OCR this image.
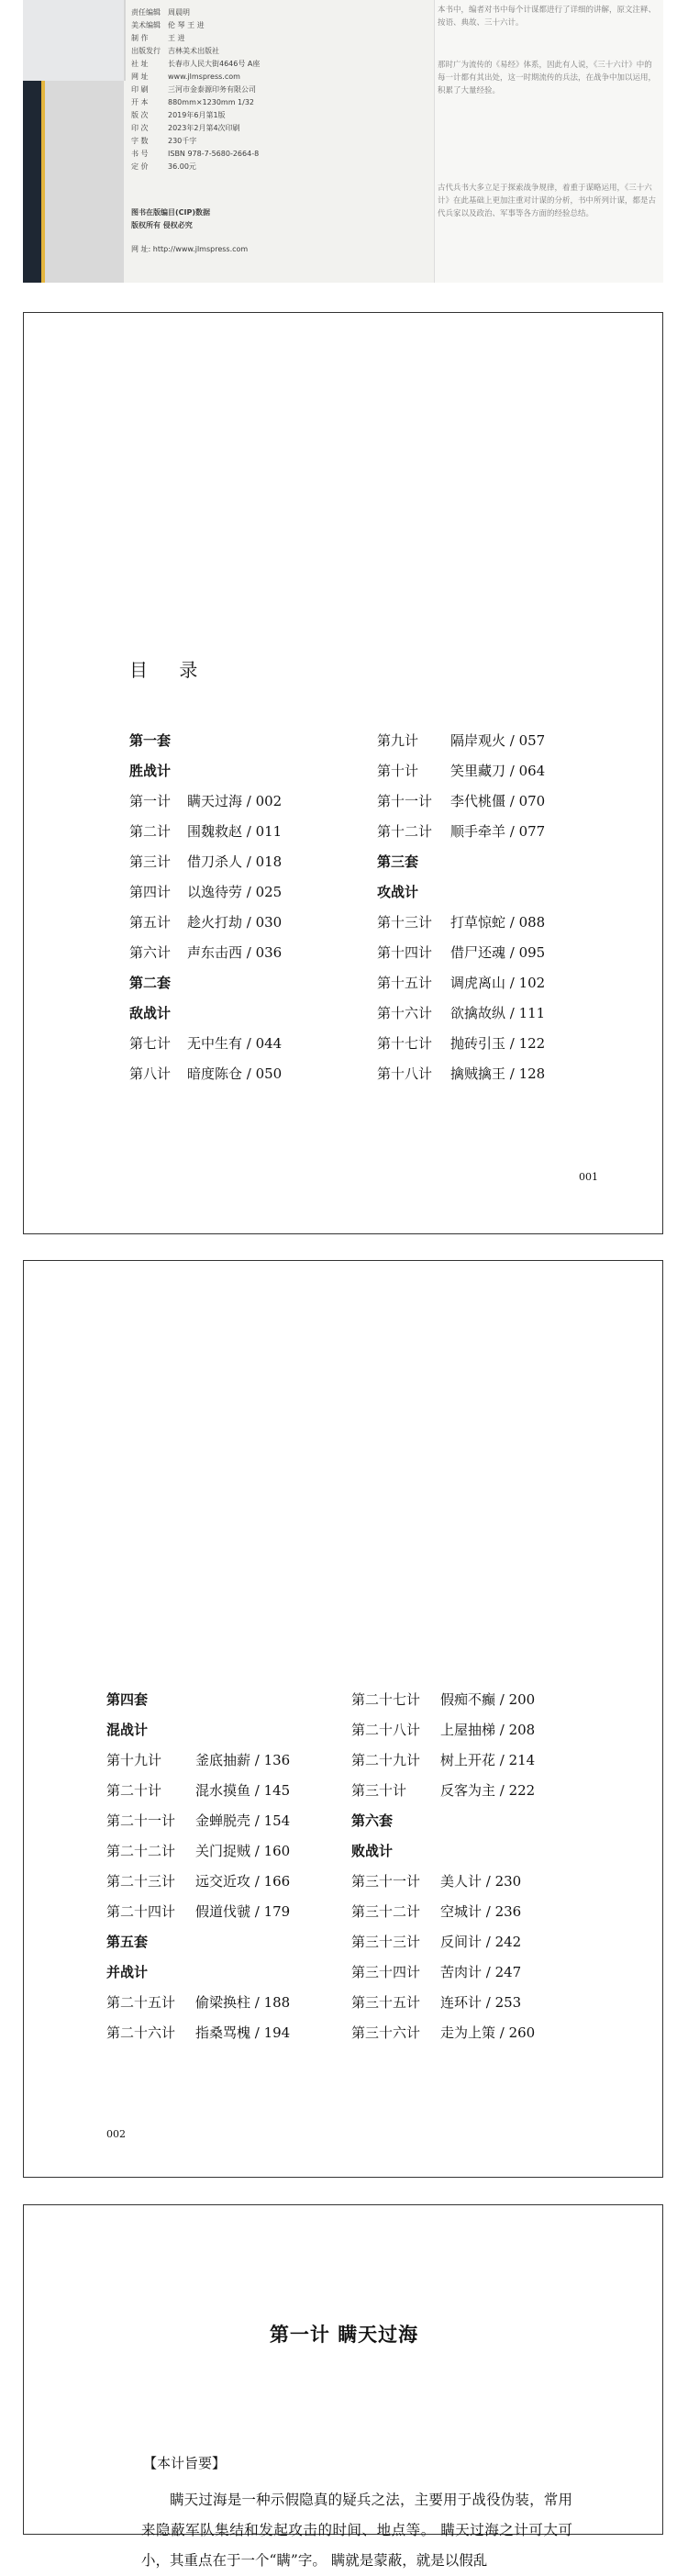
责任编辑 周晨明
美术编辑 伦 琴 王 进
制 作	王 进
出版发行 吉林美术出版社
社 址	长春市人民大街4646号 A座
网 址	www.jlmspress.com
印 刷	三河市金泰源印务有限公司
开 本	880mm×1230mm 1/32
版 次	2019年6月第1版
印 次	2023年2月第4次印刷
字 数	230千字
书 号	ISBN 978-7-5680-2664-8
定 价	36.00元
图书在版编目(CIP)数据
版权所有 侵权必究
网 址: http://www.jlmspress.com
本书中，编者对书中每个计谋都进行了详细的讲解，原文注释、按语、典故、三十六计。
那时广为流传的《易经》体系，因此有人说，《三十六计》中的每一计都有其出处，这一时期流传的兵法，在战争中加以运用，积累了大量经验。
古代兵书大多立足于探索战争规律，着重于谋略运用，《三十六计》在此基础上更加注重对计谋的分析，书中所列计谋，都是古代兵家以及政治、军事等各方面的经验总结。
目 录
第一套
胜战计
第一计 瞒天过海 / 002
第二计 围魏救赵 / 011
第三计 借刀杀人 / 018
第四计 以逸待劳 / 025
第五计 趁火打劫 / 030
第六计 声东击西 / 036
第二套
敌战计
第七计 无中生有 / 044
第八计 暗度陈仓 / 050
第九计 隔岸观火 / 057
第十计 笑里藏刀 / 064
第十一计 李代桃僵 / 070
第十二计 顺手牵羊 / 077
第三套
攻战计
第十三计 打草惊蛇 / 088
第十四计 借尸还魂 / 095
第十五计 调虎离山 / 102
第十六计 欲擒故纵 / 111
第十七计 抛砖引玉 / 122
第十八计 擒贼擒王 / 128
001
第四套
混战计
第十九计 釜底抽薪 / 136
第二十计 混水摸鱼 / 145
第二十一计 金蝉脱壳 / 154
第二十二计 关门捉贼 / 160
第二十三计 远交近攻 / 166
第二十四计 假道伐虢 / 179
第五套
并战计
第二十五计 偷梁换柱 / 188
第二十六计 指桑骂槐 / 194
第二十七计 假痴不癫 / 200
第二十八计 上屋抽梯 / 208
第二十九计 树上开花 / 214
第三十计 反客为主 / 222
第六套
败战计
第三十一计 美人计 / 230
第三十二计 空城计 / 236
第三十三计 反间计 / 242
第三十四计 苦肉计 / 247
第三十五计 连环计 / 253
第三十六计 走为上策 / 260
002
第一计 瞒天过海
【本计旨要】
瞒天过海是一种示假隐真的疑兵之法，主要用于战役伪装，常用来隐蔽军队集结和发起攻击的时间、地点等。 瞒天过海之计可大可小，其重点在于一个“瞒”字。 瞒就是蒙蔽，就是以假乱
